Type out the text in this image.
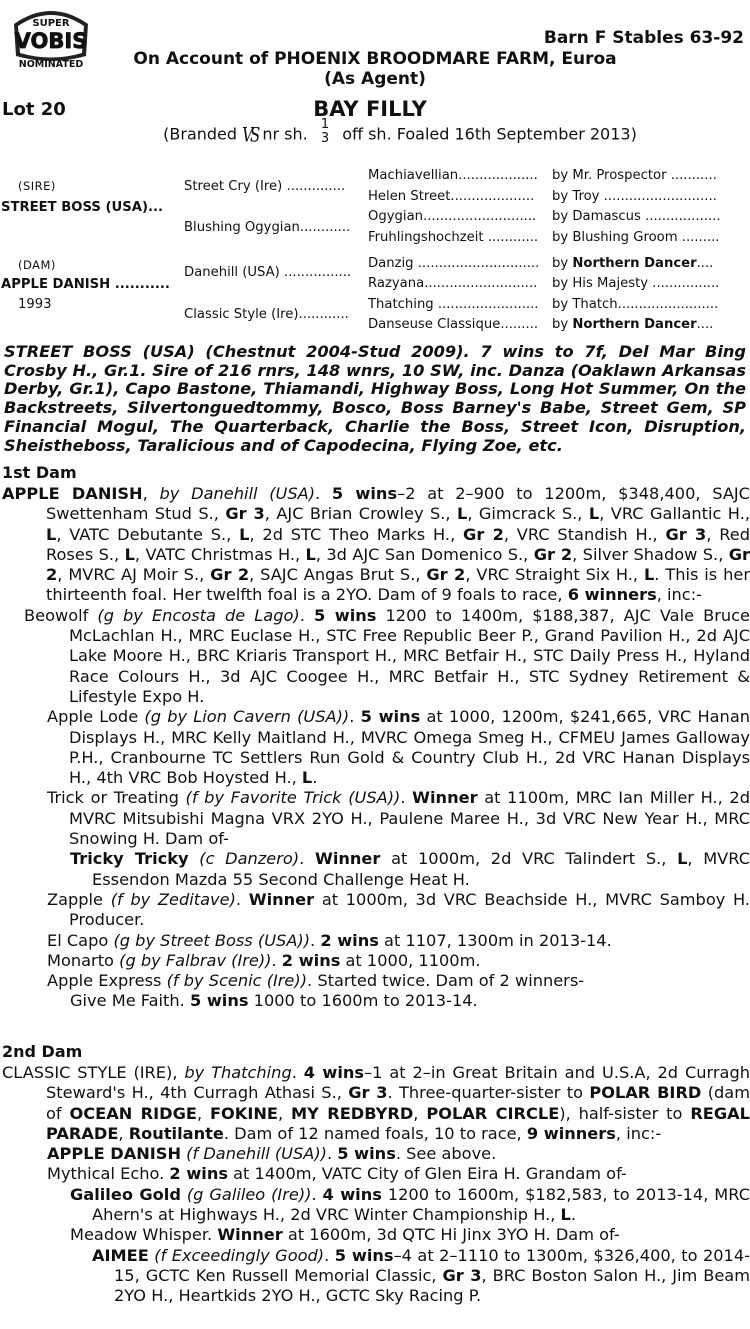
SUPER
VOBIS
NOMINATED
Barn F Stables 63-92
On Account of PHOENIX BROODMARE FARM, Euroa
(As Agent)
Lot 20	BAY FILLY
(Branded VS nr sh. 1
3 off sh. Foaled 16th September 2013)
(SIRE)
STREET BOSS (USA)...
(DAM)
APPLE DANISH ...........
1993
Street Cry (Ire) ..............
Blushing Ogygian............
Danehill (USA) ................
Classic Style (Ire)............
Machiavellian...................
Helen Street....................
Ogygian...........................
Fruhlingshochzeit ............
Danzig .............................
Razyana...........................
Thatching ........................
Danseuse Classique.........
by Mr. Prospector ...........
by Troy ...........................
by Damascus ..................
by Blushing Groom .........
by Northern Dancer....
by His Majesty ................
by Thatch........................
by Northern Dancer....
STREET BOSS (USA) (Chestnut 2004-Stud 2009). 7 wins to 7f, Del Mar Bing Crosby H., Gr.1. Sire of 216 rnrs, 148 wnrs, 10 SW, inc. Danza (Oaklawn Arkansas Derby, Gr.1), Capo Bastone, Thiamandi, Highway Boss, Long Hot Summer, On the Backstreets, Silvertonguedtommy, Bosco, Boss Barney's Babe, Street Gem, SP Financial Mogul, The Quarterback, Charlie the Boss, Street Icon, Disruption, Sheistheboss, Taralicious and of Capodecina, Flying Zoe, etc.
1st Dam

APPLE DANISH, by Danehill (USA). 5 wins–2 at 2–900 to 1200m, $348,400, SAJC Swettenham Stud S., Gr 3, AJC Brian Crowley S., L, Gimcrack S., L, VRC Gallantic H., L, VATC Debutante S., L, 2d STC Theo Marks H., Gr 2, VRC Standish H., Gr 3, Red Roses S., L, VATC Christmas H., L, 3d AJC San Domenico S., Gr 2, Silver Shadow S., Gr 2, MVRC AJ Moir S., Gr 2, SAJC Angas Brut S., Gr 2, VRC Straight Six H., L. This is her thirteenth foal. Her twelfth foal is a 2YO. Dam of 9 foals to race, 6 winners, inc:-

Beowolf (g by Encosta de Lago). 5 wins 1200 to 1400m, $188,387, AJC Vale Bruce McLachlan H., MRC Euclase H., STC Free Republic Beer P., Grand Pavilion H., 2d AJC Lake Moore H., BRC Kriaris Transport H., MRC Betfair H., STC Daily Press H., Hyland Race Colours H., 3d AJC Coogee H., MRC Betfair H., STC Sydney Retirement & Lifestyle Expo H.

Apple Lode (g by Lion Cavern (USA)). 5 wins at 1000, 1200m, $241,665, VRC Hanan Displays H., MRC Kelly Maitland H., MVRC Omega Smeg H., CFMEU James Galloway P.H., Cranbourne TC Settlers Run Gold & Country Club H., 2d VRC Hanan Displays H., 4th VRC Bob Hoysted H., L.

Trick or Treating (f by Favorite Trick (USA)). Winner at 1100m, MRC Ian Miller H., 2d MVRC Mitsubishi Magna VRX 2YO H., Paulene Maree H., 3d VRC New Year H., MRC Snowing H. Dam of-

Tricky Tricky (c Danzero). Winner at 1000m, 2d VRC Talindert S., L, MVRC Essendon Mazda 55 Second Challenge Heat H.

Zapple (f by Zeditave). Winner at 1000m, 3d VRC Beachside H., MVRC Samboy H. Producer.

El Capo (g by Street Boss (USA)). 2 wins at 1107, 1300m in 2013-14.

Monarto (g by Falbrav (Ire)). 2 wins at 1000, 1100m.

Apple Express (f by Scenic (Ire)). Started twice. Dam of 2 winners-

Give Me Faith. 5 wins 1000 to 1600m to 2013-14.

2nd Dam

CLASSIC STYLE (IRE), by Thatching. 4 wins–1 at 2–in Great Britain and U.S.A, 2d Curragh Steward's H., 4th Curragh Athasi S., Gr 3. Three-quarter-sister to POLAR BIRD (dam of OCEAN RIDGE, FOKINE, MY REDBYRD, POLAR CIRCLE), half-sister to REGAL PARADE, Routilante. Dam of 12 named foals, 10 to race, 9 winners, inc:-

APPLE DANISH (f Danehill (USA)). 5 wins. See above.

Mythical Echo. 2 wins at 1400m, VATC City of Glen Eira H. Grandam of-

Galileo Gold (g Galileo (Ire)). 4 wins 1200 to 1600m, $182,583, to 2013-14, MRC Ahern's at Highways H., 2d VRC Winter Championship H., L.

Meadow Whisper. Winner at 1600m, 3d QTC Hi Jinx 3YO H. Dam of-

AIMEE (f Exceedingly Good). 5 wins–4 at 2–1110 to 1300m, $326,400, to 2014-15, GCTC Ken Russell Memorial Classic, Gr 3, BRC Boston Salon H., Jim Beam 2YO H., Heartkids 2YO H., GCTC Sky Racing P.
